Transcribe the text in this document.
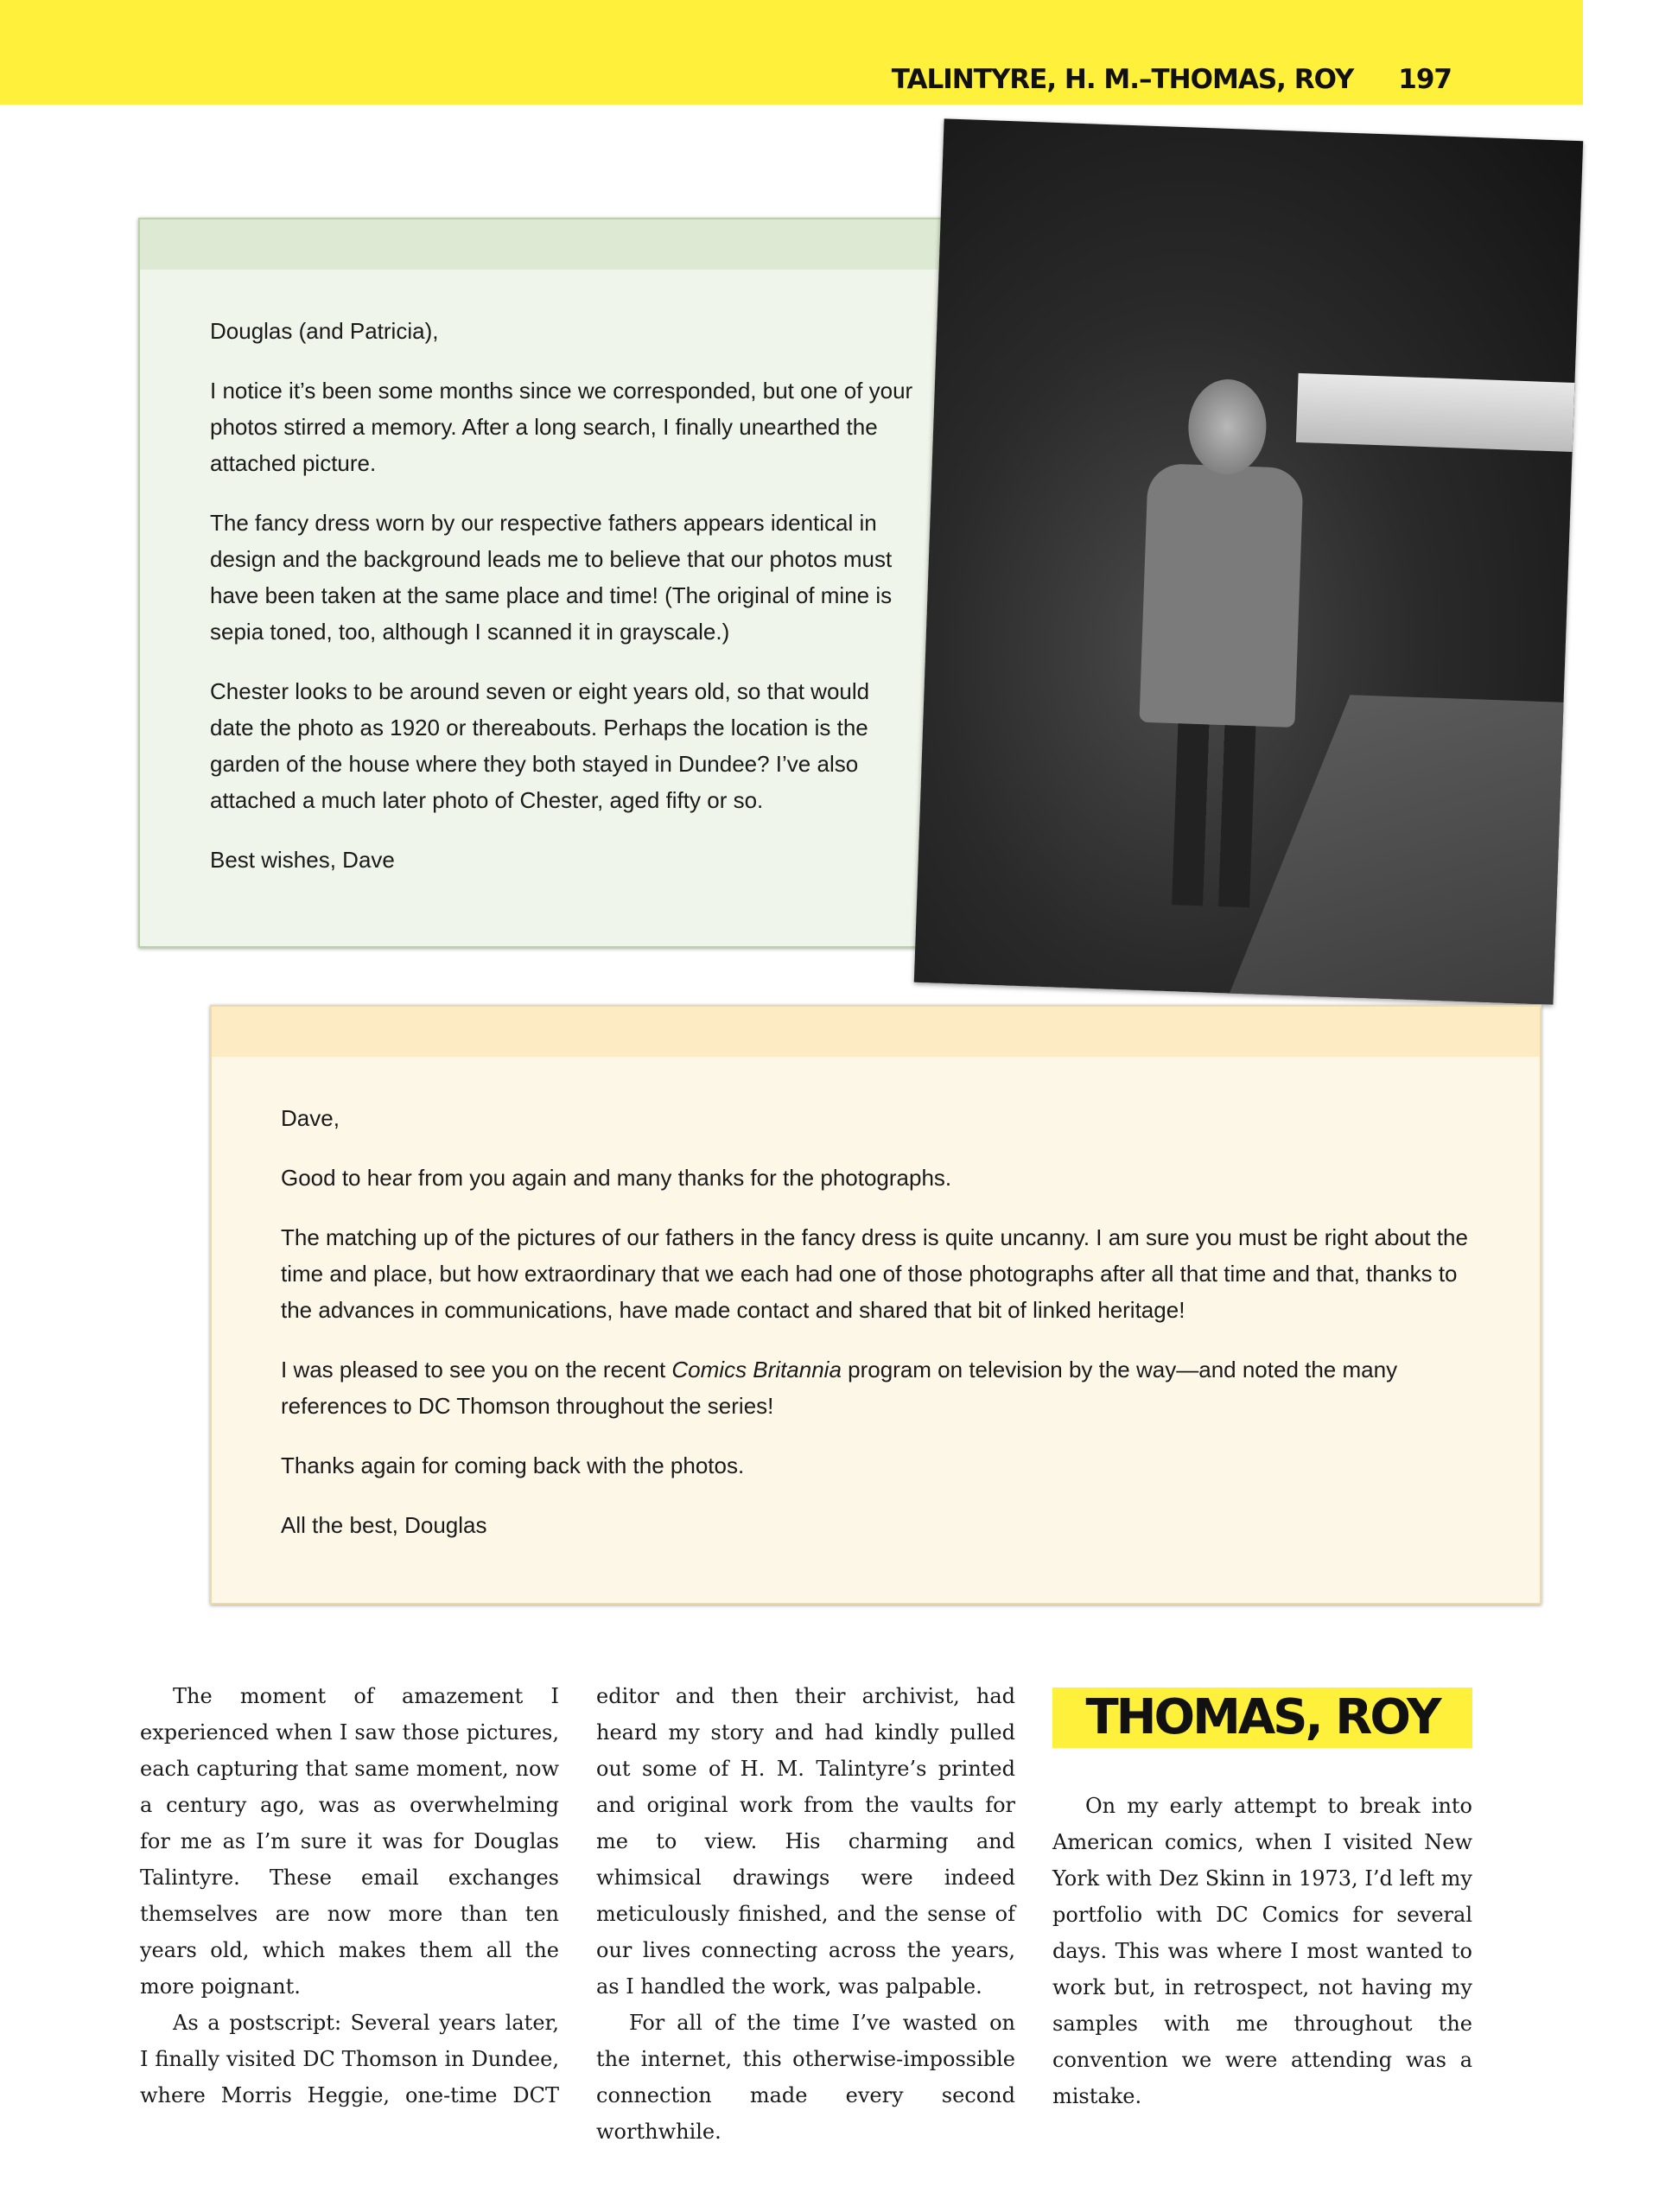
TALINTYRE, H. M.–THOMAS, ROY 197

Douglas (and Patricia),

I notice it’s been some months since we corresponded, but one of your photos stirred a memory. After a long search, I finally unearthed the attached picture.

The fancy dress worn by our respective fathers appears identical in design and the background leads me to believe that our photos must have been taken at the same place and time! (The original of mine is sepia toned, too, although I scanned it in grayscale.)

Chester looks to be around seven or eight years old, so that would date the photo as 1920 or thereabouts. Perhaps the location is the garden of the house where they both stayed in Dundee? I’ve also attached a much later photo of Chester, aged fifty or so.

Best wishes, Dave

Dave,

Good to hear from you again and many thanks for the photographs.

The matching up of the pictures of our fathers in the fancy dress is quite uncanny. I am sure you must be right about the time and place, but how extraordinary that we each had one of those photographs after all that time and that, thanks to the advances in communications, have made contact and shared that bit of linked heritage!

I was pleased to see you on the recent Comics Britannia program on television by the way—and noted the many references to DC Thomson throughout the series!

Thanks again for coming back with the photos.

All the best, Douglas

The moment of amazement I experienced when I saw those pictures, each capturing that same moment, now a century ago, was as overwhelming for me as I’m sure it was for Douglas Talintyre. These email exchanges themselves are now more than ten years old, which makes them all the more poignant.

As a postscript: Several years later, I finally visited DC Thomson in Dundee, where Morris Heggie, one-time DCT

editor and then their archivist, had heard my story and had kindly pulled out some of H. M. Talintyre’s printed and original work from the vaults for me to view. His charming and whimsical drawings were indeed meticulously finished, and the sense of our lives connecting across the years, as I handled the work, was palpable.

For all of the time I’ve wasted on the internet, this otherwise-impossible connection made every second worthwhile.

THOMAS, ROY

On my early attempt to break into American comics, when I visited New York with Dez Skinn in 1973, I’d left my portfolio with DC Comics for several days. This was where I most wanted to work but, in retrospect, not having my samples with me throughout the convention we were attending was a mistake.
